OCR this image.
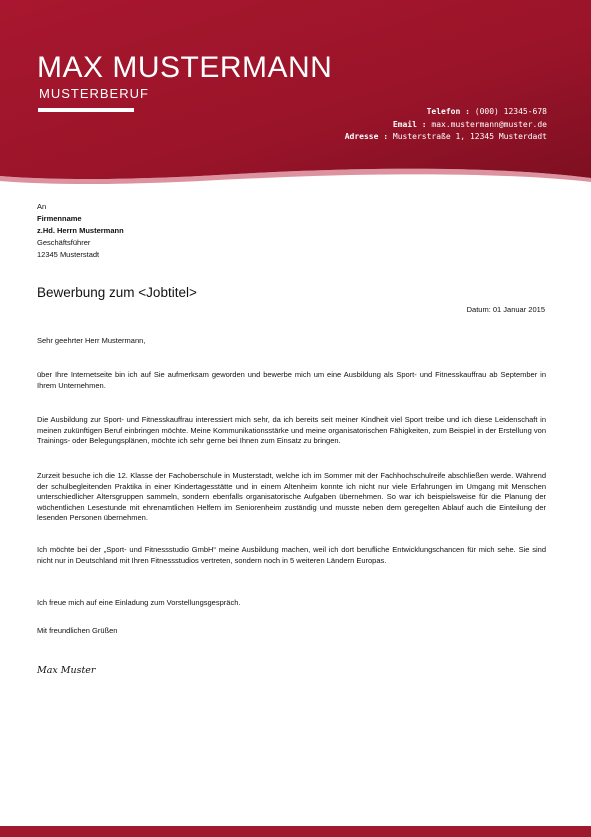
MAX MUSTERMANN
MUSTERBERUF
Telefon : (000) 12345-678
Email : max.mustermann@muster.de
Adresse : Musterstraße 1, 12345 Musterdadt
An
Firmenname
z.Hd. Herrn Mustermann
Geschäftsführer
12345 Musterstadt
Bewerbung zum <Jobtitel>
Datum: 01 Januar 2015
Sehr geehrter Herr Mustermann,
über Ihre Internetseite bin ich auf Sie aufmerksam geworden und bewerbe mich um eine Ausbildung als Sport- und Fitnesskauffrau ab September in Ihrem Unternehmen.
Die Ausbildung zur Sport- und Fitnesskauffrau interessiert mich sehr, da ich bereits seit meiner Kindheit viel Sport treibe und ich diese Leidenschaft in meinen zukünftigen Beruf einbringen möchte. Meine Kommunikationsstärke und meine organisatorischen Fähigkeiten, zum Beispiel in der Erstellung von Trainings- oder Belegungsplänen, möchte ich sehr gerne bei Ihnen zum Einsatz zu bringen.
Zurzeit besuche ich die 12. Klasse der Fachoberschule in Musterstadt, welche ich im Sommer mit der Fachhochschulreife abschließen werde. Während der schulbegleitenden Praktika in einer Kindertagesstätte und in einem Altenheim konnte ich nicht nur viele Erfahrungen im Umgang mit Menschen unterschiedlicher Altersgruppen sammeln, sondern ebenfalls organisatorische Aufgaben übernehmen. So war ich beispielsweise für die Planung der wöchentlichen Lesestunde mit ehrenamtlichen Helfern im Seniorenheim zuständig und musste neben dem geregelten Ablauf auch die Einteilung der lesenden Personen übernehmen.
Ich möchte bei der „Sport- und Fitnessstudio GmbH“ meine Ausbildung machen, weil ich dort berufliche Entwicklungschancen für mich sehe. Sie sind nicht nur in Deutschland mit Ihren Fitnessstudios vertreten, sondern noch in 5 weiteren Ländern Europas.
Ich freue mich auf eine Einladung zum Vorstellungsgespräch.
Mit freundlichen Grüßen
Max Muster
